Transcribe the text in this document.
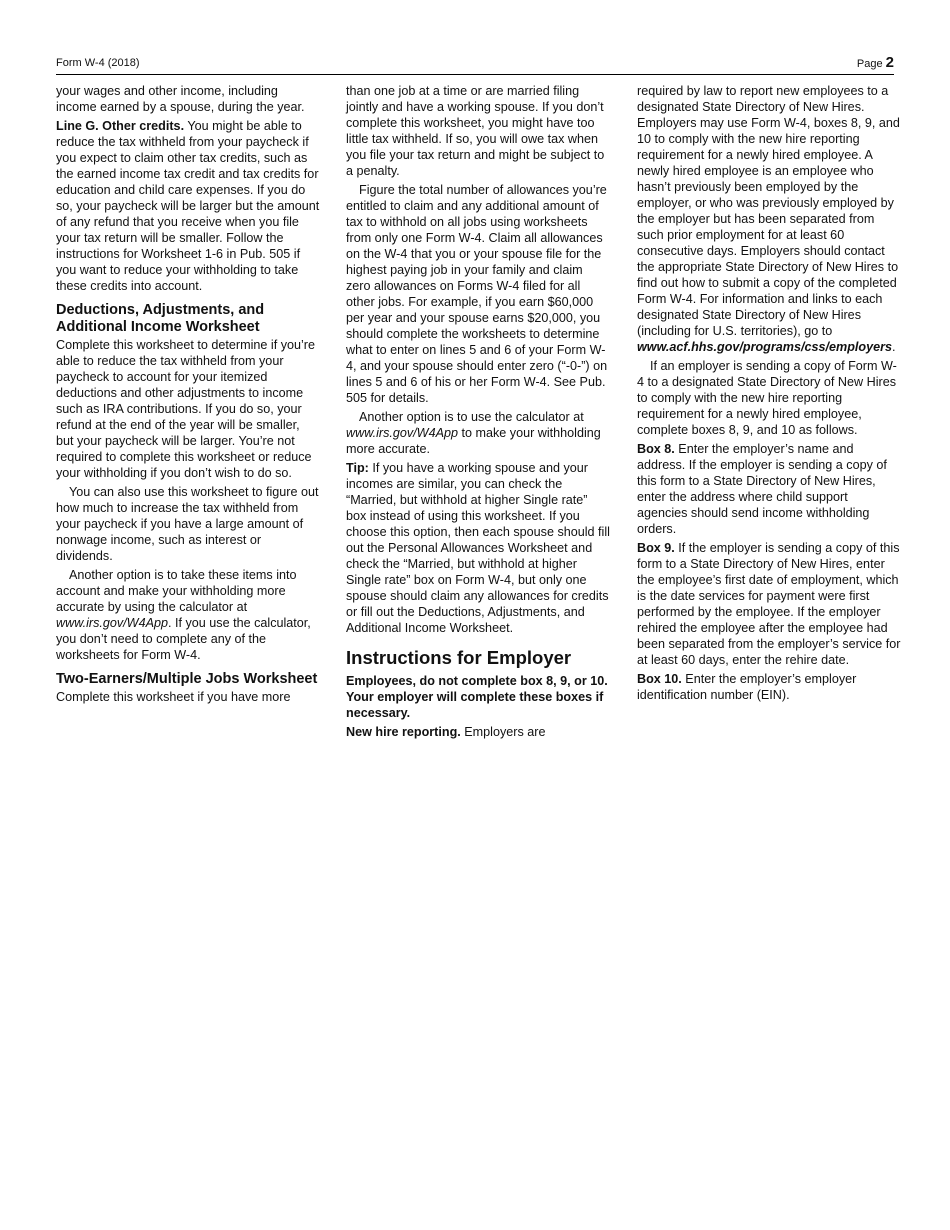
Form W-4 (2018)	Page 2

your wages and other income, including income earned by a spouse, during the year.

Line G. Other credits. You might be able to reduce the tax withheld from your paycheck if you expect to claim other tax credits, such as the earned income tax credit and tax credits for education and child care expenses. If you do so, your paycheck will be larger but the amount of any refund that you receive when you file your tax return will be smaller. Follow the instructions for Worksheet 1-6 in Pub. 505 if you want to reduce your withholding to take these credits into account.

Deductions, Adjustments, and Additional Income Worksheet

Complete this worksheet to determine if you’re able to reduce the tax withheld from your paycheck to account for your itemized deductions and other adjustments to income such as IRA contributions. If you do so, your refund at the end of the year will be smaller, but your paycheck will be larger. You’re not required to complete this worksheet or reduce your withholding if you don’t wish to do so.

You can also use this worksheet to figure out how much to increase the tax withheld from your paycheck if you have a large amount of nonwage income, such as interest or dividends.

Another option is to take these items into account and make your withholding more accurate by using the calculator at www.irs.gov/W4App. If you use the calculator, you don’t need to complete any of the worksheets for Form W-4.

Two-Earners/Multiple Jobs Worksheet

Complete this worksheet if you have more

than one job at a time or are married filing jointly and have a working spouse. If you don’t complete this worksheet, you might have too little tax withheld. If so, you will owe tax when you file your tax return and might be subject to a penalty.

Figure the total number of allowances you’re entitled to claim and any additional amount of tax to withhold on all jobs using worksheets from only one Form W-4. Claim all allowances on the W-4 that you or your spouse file for the highest paying job in your family and claim zero allowances on Forms W-4 filed for all other jobs. For example, if you earn $60,000 per year and your spouse earns $20,000, you should complete the worksheets to determine what to enter on lines 5 and 6 of your Form W-4, and your spouse should enter zero (“-0-”) on lines 5 and 6 of his or her Form W-4. See Pub. 505 for details.

Another option is to use the calculator at www.irs.gov/W4App to make your withholding more accurate.

Tip: If you have a working spouse and your incomes are similar, you can check the “Married, but withhold at higher Single rate” box instead of using this worksheet. If you choose this option, then each spouse should fill out the Personal Allowances Worksheet and check the “Married, but withhold at higher Single rate” box on Form W-4, but only one spouse should claim any allowances for credits or fill out the Deductions, Adjustments, and Additional Income Worksheet.

Instructions for Employer

Employees, do not complete box 8, 9, or 10. Your employer will complete these boxes if necessary.

New hire reporting. Employers are

required by law to report new employees to a designated State Directory of New Hires. Employers may use Form W-4, boxes 8, 9, and 10 to comply with the new hire reporting requirement for a newly hired employee. A newly hired employee is an employee who hasn’t previously been employed by the employer, or who was previously employed by the employer but has been separated from such prior employment for at least 60 consecutive days. Employers should contact the appropriate State Directory of New Hires to find out how to submit a copy of the completed Form W-4. For information and links to each designated State Directory of New Hires (including for U.S. territories), go to www.acf.hhs.gov/programs/css/employers.

If an employer is sending a copy of Form W-4 to a designated State Directory of New Hires to comply with the new hire reporting requirement for a newly hired employee, complete boxes 8, 9, and 10 as follows.

Box 8. Enter the employer’s name and address. If the employer is sending a copy of this form to a State Directory of New Hires, enter the address where child support agencies should send income withholding orders.

Box 9. If the employer is sending a copy of this form to a State Directory of New Hires, enter the employee’s first date of employment, which is the date services for payment were first performed by the employee. If the employer rehired the employee after the employee had been separated from the employer’s service for at least 60 days, enter the rehire date.

Box 10. Enter the employer’s employer identification number (EIN).
